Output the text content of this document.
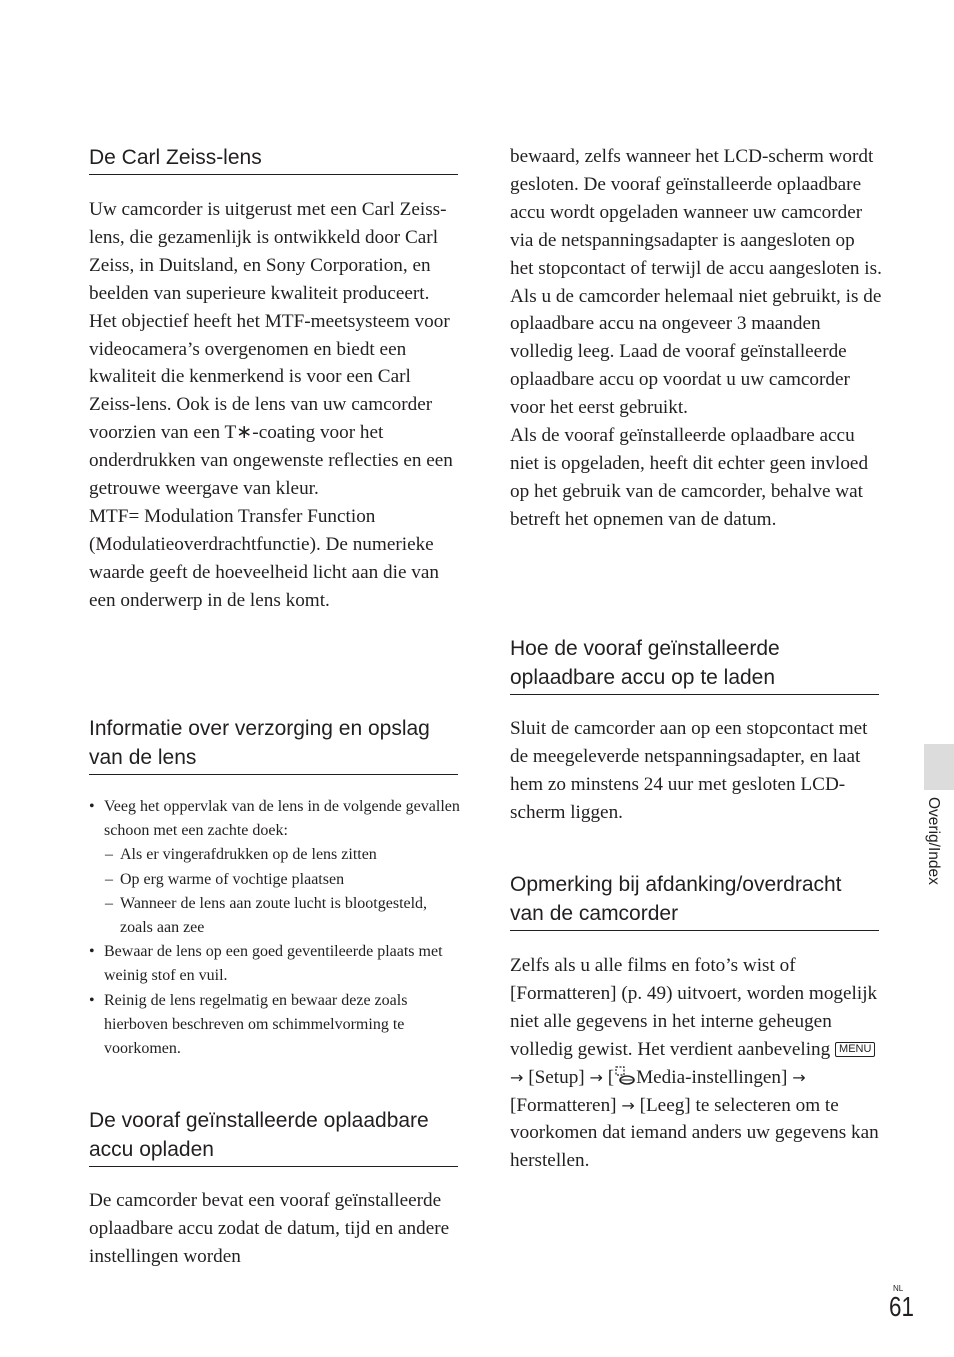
De Carl Zeiss-lens

Uw camcorder is uitgerust met een Carl Zeiss-lens, die gezamenlijk is ontwikkeld door Carl Zeiss, in Duitsland, en Sony Corporation, en beelden van superieure kwaliteit produceert. Het objectief heeft het MTF-meetsysteem voor videocamera’s overgenomen en biedt een kwaliteit die kenmerkend is voor een Carl Zeiss-lens. Ook is de lens van uw camcorder voorzien van een T∗-coating voor het onderdrukken van ongewenste reflecties en een getrouwe weergave van kleur.

MTF= Modulation Transfer Function (Modulatieoverdrachtfunctie). De numerieke waarde geeft de hoeveelheid licht aan die van een onderwerp in de lens komt.

Informatie over verzorging en opslag van de lens
• Veeg het oppervlak van de lens in de volgende gevallen schoon met een zachte doek:
– Als er vingerafdrukken op de lens zitten
– Op erg warme of vochtige plaatsen
– Wanneer de lens aan zoute lucht is blootgesteld, zoals aan zee
• Bewaar de lens op een goed geventileerde plaats met weinig stof en vuil.
• Reinig de lens regelmatig en bewaar deze zoals hierboven beschreven om schimmelvorming te voorkomen.
De vooraf geïnstalleerde oplaadbare accu opladen

De camcorder bevat een vooraf geïnstalleerde oplaadbare accu zodat de datum, tijd en andere instellingen worden

bewaard, zelfs wanneer het LCD-scherm wordt gesloten. De vooraf geïnstalleerde oplaadbare accu wordt opgeladen wanneer uw camcorder via de netspanningsadapter is aangesloten op het stopcontact of terwijl de accu aangesloten is. Als u de camcorder helemaal niet gebruikt, is de oplaadbare accu na ongeveer 3 maanden volledig leeg. Laad de vooraf geïnstalleerde oplaadbare accu op voordat u uw camcorder voor het eerst gebruikt.

Als de vooraf geïnstalleerde oplaadbare accu niet is opgeladen, heeft dit echter geen invloed op het gebruik van de camcorder, behalve wat betreft het opnemen van de datum.

Hoe de vooraf geïnstalleerde oplaadbare accu op te laden

Sluit de camcorder aan op een stopcontact met de meegeleverde netspanningsadapter, en laat hem zo minstens 24 uur met gesloten LCD-scherm liggen.

Opmerking bij afdanking/overdracht van de camcorder

Zelfs als u alle films en foto’s wist of [Formatteren] (p. 49) uitvoert, worden mogelijk niet alle gegevens in het interne geheugen volledig gewist. Het verdient aanbeveling MENU → [Setup] → [ Media-instellingen] → [Formatteren] → [Leeg] te selecteren om te voorkomen dat iemand anders uw gegevens kan herstellen.

Overig/Index
NL
61
